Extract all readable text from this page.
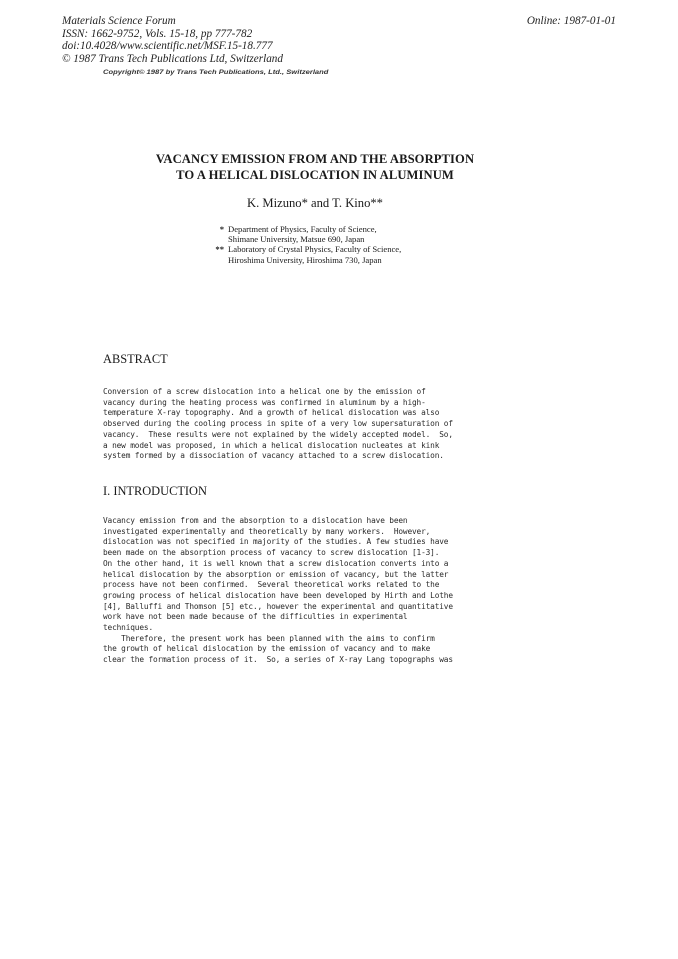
Materials Science Forum
ISSN: 1662-9752, Vols. 15-18, pp 777-782
doi:10.4028/www.scientific.net/MSF.15-18.777
© 1987 Trans Tech Publications Ltd, Switzerland
Online: 1987-01-01
Copyright© 1987 by Trans Tech Publications, Ltd., Switzerland
VACANCY EMISSION FROM AND THE ABSORPTION
TO A HELICAL DISLOCATION IN ALUMINUM
K. Mizuno* and T. Kino**
* Department of Physics, Faculty of Science,
Shimane University, Matsue 690, Japan
** Laboratory of Crystal Physics, Faculty of Science,
Hiroshima University, Hiroshima 730, Japan
ABSTRACT
Conversion of a screw dislocation into a helical one by the emission of
vacancy during the heating process was confirmed in aluminum by a high-
temperature X-ray topography. And a growth of helical dislocation was also
observed during the cooling process in spite of a very low supersaturation of
vacancy.  These results were not explained by the widely accepted model.  So,
a new model was proposed, in which a helical dislocation nucleates at kink
system formed by a dissociation of vacancy attached to a screw dislocation.
I. INTRODUCTION
Vacancy emission from and the absorption to a dislocation have been
investigated experimentally and theoretically by many workers.  However,
dislocation was not specified in majority of the studies. A few studies have
been made on the absorption process of vacancy to screw dislocation [1-3].
On the other hand, it is well known that a screw dislocation converts into a
helical dislocation by the absorption or emission of vacancy, but the latter
process have not been confirmed.  Several theoretical works related to the
growing process of helical dislocation have been developed by Hirth and Lothe
[4], Balluffi and Thomson [5] etc., however the experimental and quantitative
work have not been made because of the difficulties in experimental
techniques.
Therefore, the present work has been planned with the aims to confirm
the growth of helical dislocation by the emission of vacancy and to make
clear the formation process of it.  So, a series of X-ray Lang topographs was
